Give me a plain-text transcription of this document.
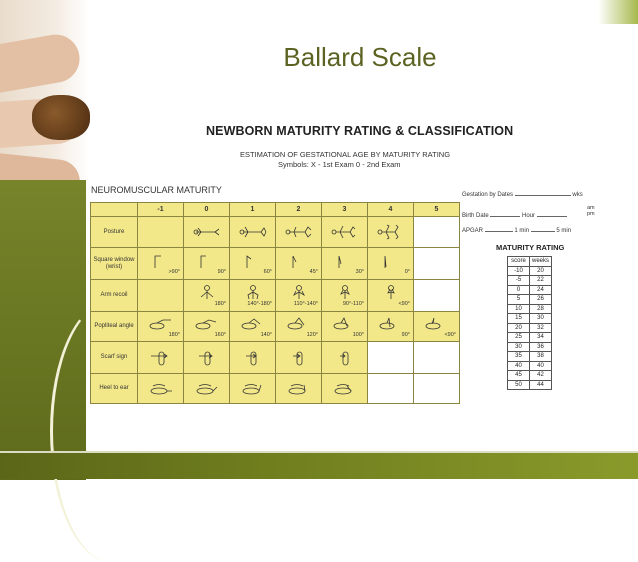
Ballard Scale
NEWBORN MATURITY RATING & CLASSIFICATION
ESTIMATION OF GESTATIONAL AGE BY MATURITY RATING
Symbols: X - 1st Exam 0 - 2nd Exam
NEUROMUSCULAR MATURITY
	-1	0	1	2	3	4	5
Posture		

Square window (wrist)	>90°	90°	60°	45°	30°	0°	

Arm recoil		180°	140°-180°	110°-140°	90°-110°	<90°	

Popliteal angle	180°	160°	140°	120°	100°	90°	<90°

Scarf sign	

Heel to ear	

Gestation by Dates	wks
Birth Date	Hour
am
pm
APGAR	1 min	5 min
MATURITY RATING
score	weeks
-10	20
-5	22
0	24
5	26
10	28
15	30
20	32
25	34
30	36
35	38
40	40
45	42
50	44
